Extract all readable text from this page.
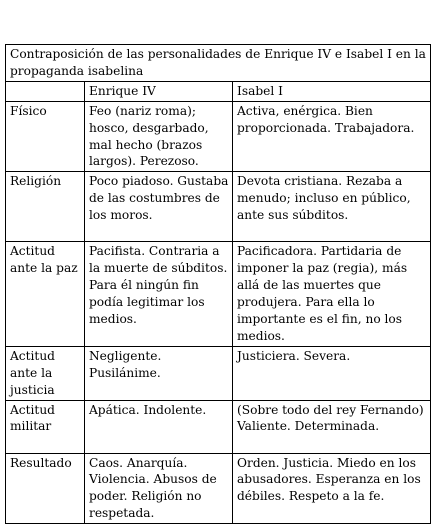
Contraposición de las personalidades de Enrique IV e Isabel I en la propaganda isabelina		
	Enrique IV	Isabel I
Físico	Feo (nariz roma); hosco, desgarbado, mal hecho (brazos largos). Perezoso.	Activa, enérgica. Bien proporcionada. Trabajadora.
Religión	Poco piadoso. Gustaba de las costumbres de los moros.	Devota cristiana. Rezaba a menudo; incluso en público, ante sus súbditos.
Actitud ante la paz	Pacifista. Contraria a la muerte de súbditos. Para él ningún fin podía legitimar los medios.	Pacificadora. Partidaria de imponer la paz (regia), más allá de las muertes que produjera. Para ella lo importante es el fin, no los medios.
Actitud ante la justicia	Negligente. Pusilánime.	Justiciera. Severa.
Actitud militar	Apática. Indolente.	(Sobre todo del rey Fernando) Valiente. Determinada.
Resultado	Caos. Anarquía. Violencia. Abusos de poder. Religión no respetada.	Orden. Justicia. Miedo en los abusadores. Esperanza en los débiles. Respeto a la fe.
